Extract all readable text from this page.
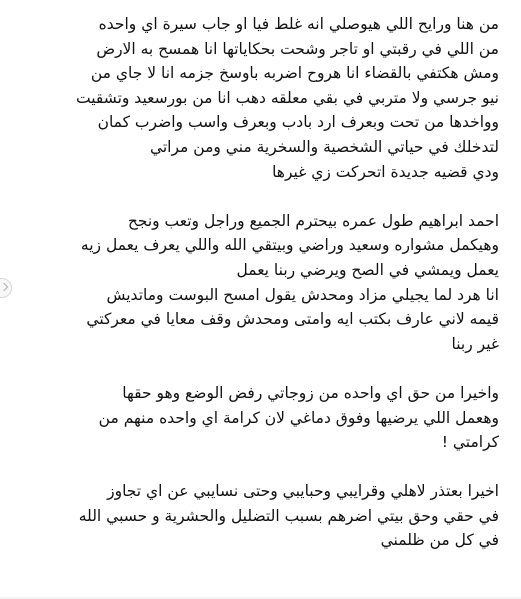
من هنا ورايح اللي هيوصلي انه غلط فيا او جاب سيرة اي واحده
من اللي في رقبتي او تاجر وشحت بحكاياتها انا همسح به الارض
ومش هكتفي بالقضاء انا هروح اضربه باوسخ جزمه انا لا جاي من
نيو جرسي ولا متربي في بقي معلقه دهب انا من بورسعيد وتشقيت
وواخدها من تحت وبعرف ارد بادب وبعرف واسب واضرب كمان
لتدخلك في حياتي الشخصية والسخرية مني ومن مراتي
ودي قضيه جديدة اتحركت زي غيرها

احمد ابراهيم طول عمره بيحترم الجميع وراجل وتعب ونجح
وهيكمل مشواره وسعيد وراضي وبيتقي الله واللي يعرف يعمل زيه
يعمل ويمشي في الصح ويرضي ربنا يعمل
انا هرد لما يجيلي مزاد ومحدش يقول امسح البوست وماتديش
قيمه لاني عارف بكتب ايه وامتى ومحدش وقف معايا في معركتي
غير ربنا

واخيرا من حق اي واحده من زوجاتي رفض الوضع وهو حقها
وهعمل اللي يرضيها وفوق دماغي لان كرامة اي واحده منهم من
كرامتي !

اخيرا بعتذر لاهلي وقرايبي وحبايبي وحتى نسايبي عن اي تجاوز
في حقي وحق بيتي اضرهم بسبب التضليل والحشرية و حسبي الله
في كل من ظلمني
